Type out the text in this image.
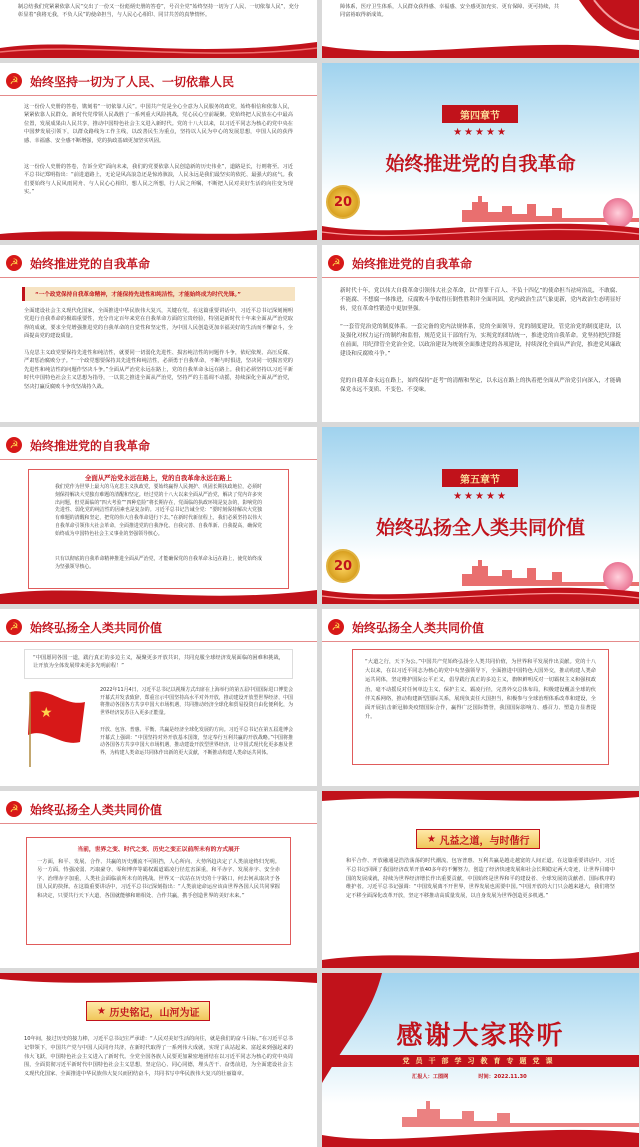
制总结我们党紧紧依靠人民“交出了一份又一份彪炳史册的答卷”，号召全党“始终坚持一切为了人民、一切依靠人民”，充分彰显着“我将无我，不负人民”的使命担当，与人民心心相印、同甘共苦的真挚情怀。
障体系，医疗卫生体系，人民群众获得感、幸福感、安全感更加充实、更有保障、更可持续，共同富裕取得新成效。
☭ 始终坚持一切为了人民、一切依靠人民
这一份份人史册的答卷，镌刻着“一切依靠人民”。中国共产党是全心全意为人民服务的政党，始终相信和依靠人民，紧紧依靠人民群众。新时代党带领人民战胜了一系列重大风险挑战，党心民心空前凝聚。党始终把人民放在心中最高位置，发展成果由人民共享，推动中国特色社会主义进入新时代。党的十八大以来，以习近平同志为核心的党中央在中国梦发展引领下，以群众路线为工作主线，以改善民生为重点，坚持以人民为中心的发展思想，中国人民的获得感、幸福感、安全感不断增强，党的执政基础更加坚实巩固。
这一份份人史册的答卷，告诉全党“面向未来，我们的党要依靠人民创造新的历史伟业”，道路是长，行则将至。习近平总书记郑明指出：“前进道路上，无论是风高浪急还是惊涛骇浪，人民永远是我们最坚实的依托、最强大的底气。我们要始终与人民风雨同舟、与人民心心相印，想人民之所想，行人民之所嘱，不断把人民对美好生活的向往变为现实。”
第四章节
★★★★★
始终推进党的自我革命
20
☭ 始终推进党的自我革命
“一个政党保持自我革命精神，才能保持先进性和纯洁性，才能始终成为时代先锋。”
全面建设社会主义现代化国家，全面推进中华民族伟大复兴，关键在党。在这篇重要讲话中，习近平总书记深刻阐明党进行自我革命的极端重要性，充分肯定百年来党在自我革命方面的宝贵经验，特别是新时代十年来全面从严治党取得的成就，要求全党增强推进党的自我革命的自觉性和坚定性，为中国人民创造更加幸福美好的生活而不懈奋斗，全面提高党的建设质量。
马克思主义政党要保持先进性和纯洁性，就要同一切弱化先进性、损害纯洁性的问题作斗争，依纪依规、高压反腐、严肃惩治腐败分子。“一个政党想要保持其先进性和纯洁性，必须勇于自我革命，不断与时俱进，坚决同一切损害党的先进性和纯洁性的问题作坚决斗争。”全面从严治党永远在路上，党的自我革命永远在路上。我们必须坚持以习近平新时代中国特色社会主义思想为指导，一以贯之推进全面从严治党，坚持严的主基调不动摇，持续深化全面从严治党，坚决打赢反腐败斗争攻坚战持久战。
☭ 始终推进党的自我革命
新时代十年，党以伟大自我革命引领伟大社会革命，以“得罪千百人、不负十四亿”的使命担当祛疴治乱，不敢腐、不能腐、不想腐一体推进，反腐败斗争取得压倒性胜利并全面巩固，党内政治生活气象更新，党内政治生态明显好转，党在革命性锻造中更加坚强。
“一套管党治党的制度体系。一套完备的党内法规体系，党的全面领导，党的制度建设，管党治党的制度建设，以及强化对权力运行的制约和监督，规范党员干部的行为，实现党的团结统一，推进党的自我革命。党坚持把纪律挺在前面，用纪律管全党治全党，以政治建设为统领全面推进党的各项建设，持续深化全面从严治党，推进党风廉政建设和反腐败斗争。”
党的自我革命永远在路上，始终保持“赶考”的清醒和坚定，以永远在路上的执着把全面从严治党引向深入，才能确保党永远不变质、不变色、不变味。
☭ 始终推进党的自我革命
全面从严治党永远在路上，党的自我革命永远在路上
我们党作为世界上最大的马克思主义执政党，要始终赢得人民拥护、巩固长期执政地位，必须时刻保持解决大党独有难题的清醒和坚定。经过党的十八大以来全面从严治党，解决了党内许多突出问题，但党面临的“四大考验”“四种危险”将长期存在，党面临的执政环境是复杂的，影响党的先进性、弱化党的纯洁性的因素也是复杂的。习近平总书记告诫全党：“要时刻保持解决大党独有难题的清醒和坚定，把党的伟大自我革命进行下去。”在新时代新征程上，我们必须坚持以伟大自我革命引领伟大社会革命，全面推进党的自我净化、自我完善、自我革新、自我提高，确保党始终成为中国特色社会主义事业的坚强领导核心。
只有以彻底的自我革命精神推进全面从严治党，才能确保党的自我革命永远在路上，使党始终成为坚强领导核心。
第五章节
★★★★★
始终弘扬全人类共同价值
20
☭ 始终弘扬全人类共同价值
“中国愿同各国一道，践行真正的多边主义，凝聚更多开放共识，共同克服全球经济发展面临的困难和挑战，让开放为全体发展带来更多光明前程！”
★
2022年11月4日，习近平总书记以视频方式出席在上海举行的第五届中国国际进口博览会开幕式并发表致辞，郑重宣示中国坚持高水平对外开放，推动建设开放型世界经济，中国将推动各国各方共享中国大市场机遇，共同推动经济全球化和贸易投资自由化便利化，为世界经济复苏注入更多正能量。
开放、包容、普惠、平衡、共赢是经济全球化发展的方向。习近平总书记在第五届进博会开幕式上强调：“中国坚持对外开放基本国策，坚定奉行互利共赢的开放战略。”中国将推动各国各方共享中国大市场机遇，推动建设开放型世界经济，让中国式现代化更多惠及世界，为构建人类命运共同体作出新的更大贡献，不断推动构建人类命运共同体。
☭ 始终弘扬全人类共同价值
“大道之行，天下为公。”中国共产党始终弘扬全人类共同价值，为世界和平发展作出贡献。党的十八大以来，在以习近平同志为核心的党中央坚强领导下，全面推进中国特色大国外交，推动构建人类命运共同体，坚定维护国际公平正义，倡导践行真正的多边主义，旗帜鲜明反对一切霸权主义和强权政治，毫不动摇反对任何单边主义、保护主义、霸凌行径，完善外交总体布局，积极建设覆盖全球的伙伴关系网络，推动构建新型国际关系，展现负责任大国担当，积极参与全球治理体系改革和建设，全面开展抗击新冠肺炎疫情国际合作，赢得广泛国际赞誉，我国国际影响力、感召力、塑造力显著提升。
☭ 始终弘扬全人类共同价值
当前，世界之变、时代之变、历史之变正以前所未有的方式展开
一方面，和平、发展、合作、共赢的历史潮流不可阻挡，人心所向、大势所趋决定了人类前途终归光明。另一方面，恃强凌弱、巧取豪夺、零和博弈等霸权霸道霸凌行径危害深重，和平赤字、发展赤字、安全赤字、治理赤字加重，人类社会面临前所未有的挑战。世界又一次站在历史的十字路口，何去何从取决于各国人民的抉择。在这篇重要讲话中，习近平总书记深刻指出：“人类前途命运应该由世界各国人民共同掌握和决定，只要共行天下大道，各国就能够和睦相处、合作共赢，携手创造世界的美好未来。”
★ 凡益之道，与时偕行
和平合作、开放融通是浩浩荡荡的时代潮流，包容普惠、互利共赢是越走越宽的人间正道。在这篇重要讲话中，习近平总书记回顾了我国经济改革开放40多年的不懈努力，创造了经济快速发展和社会长期稳定两大奇迹，让世界目睹中国的发展成就，持续为世界经济增长作出重要贡献，中国始终是世界和平的建设者、全球发展的贡献者、国际秩序的维护者。习近平总书记强调：“中国发展离不开世界，世界发展也需要中国。”中国开放的大门只会越来越大，我们将坚定不移全面深化改革开放，坚定不移推动高质量发展，以自身发展为世界创造更多机遇。”
★ 历史铭记，山河为证
10年间，接过历史的接力棒，习近平总书记庄严承诺：“人民对美好生活的向往，就是我们的奋斗目标。”在习近平总书记带领下，中国共产党与中国人民同舟共济，在新时代取得了一系列伟大成就，实现了从站起来、富起来到强起来的伟大飞跃，中国特色社会主义进入了新时代。全党全国各族人民要更加紧密地团结在以习近平同志为核心的党中央周围，全面贯彻习近平新时代中国特色社会主义思想，坚定信心、同心同德，埋头苦干、奋勇前进，为全面建设社会主义现代化国家、全面推进中华民族伟大复兴而团结奋斗，共同书写中华民族伟大复兴的壮丽篇章。
感谢大家聆听
党员干部学习教育专题党课
汇报人：工图网	时间：2022.11.30
